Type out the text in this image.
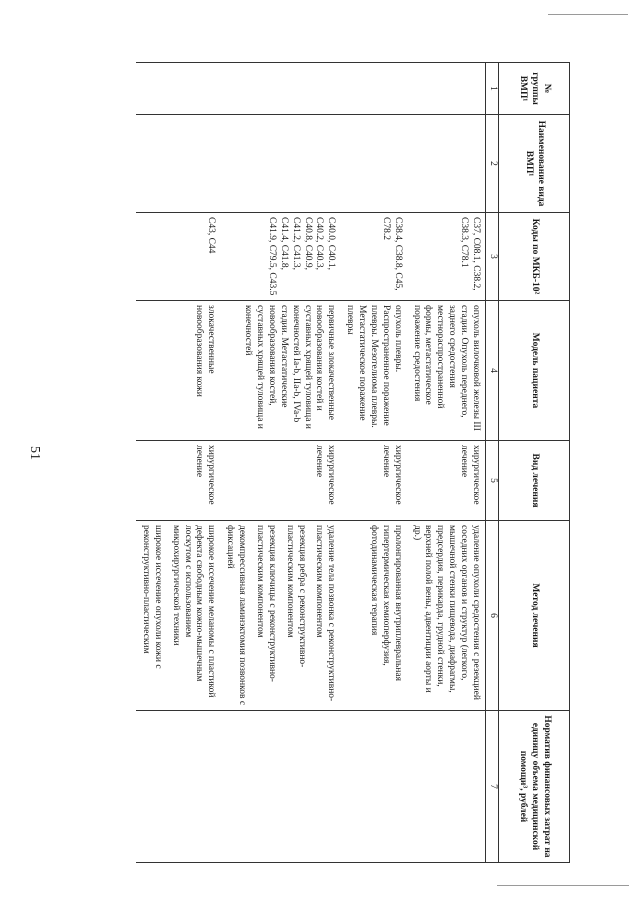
51
№ группы ВМП¹	Наименование вида ВМП¹	Коды по МКБ-10²	Модель пациента	Вид лечения	Метод лечения	Норматив финансовых затрат на единицу объема медицинской помощи³, рублей
1	2	3	4	5	6	7
		C37, C08.1, C38.2, C38.3, C78.1	опухоль вилочковой железы III стадии. Опухоль переднего, заднего средостения местнораспространенной формы, метастатическое поражение средостения	хирургическое лечение	удаление опухоли средостения с резекцией соседних органов и структур (легкого, мышечной стенки пищевода, диафрагмы, предсердия, перикарда, грудной стенки, верхней полой вены, адвентиции аорты и др.)	

		C38.4, C38.8, C45, C78.2	опухоль плевры. Распространенное поражение плевры. Мезотелиома плевры. Метастатическое поражение плевры	хирургическое лечение	пролонгированная внутриплевральная гипертермическая хемиоперфузия, фотодинамическая терапия	

		C40.0, C40.1, C40.2, C40.3, C40.8, C40.9, C41.2, C41.3, C41.4, C41.8, C41.9, C79.5, C43.5	первичные злокачественные новообразования костей и суставных хрящей туловища и конечностей Ia-b, IIa-b, IVa-b стадии. Метастатические новообразования костей, суставных хрящей туловища и конечностей	хирургическое лечение	удаление тела позвонка с реконструктивно-пластическим компонентом
резекция ребра с реконструктивно-пластическим компонентом
резекция ключицы с реконструктивно-пластическим компонентом
декомпрессивная ламинэктомия позвонков с фиксацией	

		C43, C44	злокачественные новообразования кожи	хирургическое лечение	широкое иссечение меланомы с пластикой дефекта свободным кожно-мышечным лоскутом с использованием микрохирургической техники
широкое иссечение опухоли кожи с реконструктивно-пластическим	
